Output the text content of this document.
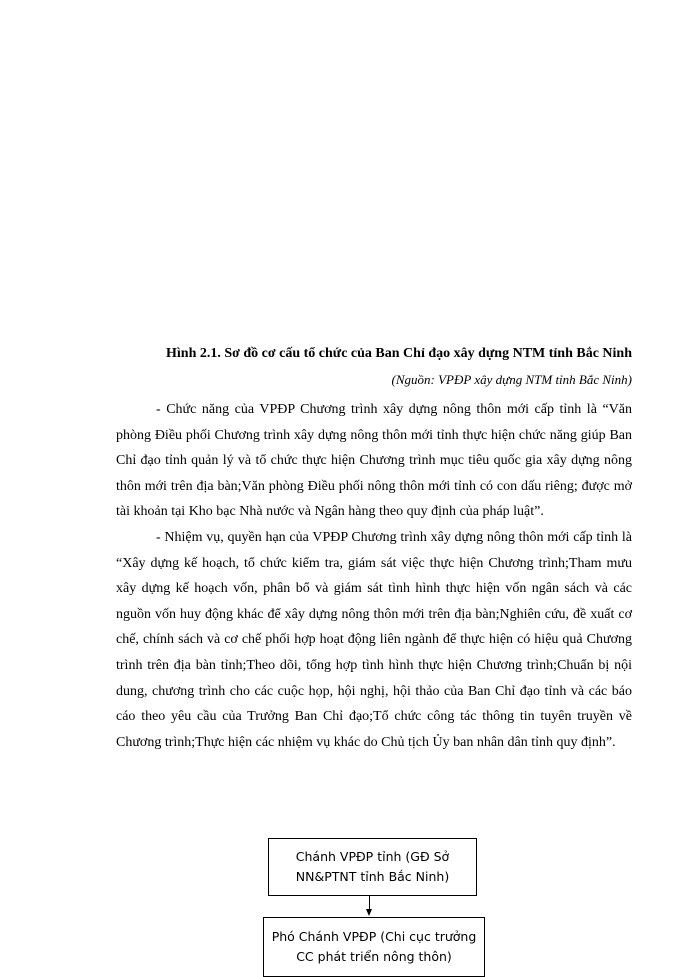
Hình 2.1. Sơ đồ cơ cấu tổ chức của Ban Chỉ đạo xây dựng NTM tỉnh Bắc Ninh
(Nguồn: VPĐP xây dựng NTM tỉnh Bắc Ninh)

- Chức năng của VPĐP Chương trình xây dựng nông thôn mới cấp tỉnh là “Văn phòng Điều phối Chương trình xây dựng nông thôn mới tỉnh thực hiện chức năng giúp Ban Chỉ đạo tỉnh quản lý và tổ chức thực hiện Chương trình mục tiêu quốc gia xây dựng nông thôn mới trên địa bàn;Văn phòng Điều phối nông thôn mới tỉnh có con dấu riêng; được mở tài khoản tại Kho bạc Nhà nước và Ngân hàng theo quy định của pháp luật”.

- Nhiệm vụ, quyền hạn của VPĐP Chương trình xây dựng nông thôn mới cấp tỉnh là “Xây dựng kế hoạch, tổ chức kiểm tra, giám sát việc thực hiện Chương trình;Tham mưu xây dựng kế hoạch vốn, phân bổ và giám sát tình hình thực hiện vốn ngân sách và các nguồn vốn huy động khác để xây dựng nông thôn mới trên địa bàn;Nghiên cứu, đề xuất cơ chế, chính sách và cơ chế phối hợp hoạt động liên ngành để thực hiện có hiệu quả Chương trình trên địa bàn tỉnh;Theo dõi, tổng hợp tình hình thực hiện Chương trình;Chuẩn bị nội dung, chương trình cho các cuộc họp, hội nghị, hội thảo của Ban Chỉ đạo tỉnh và các báo cáo theo yêu cầu của Trưởng Ban Chỉ đạo;Tổ chức công tác thông tin tuyên truyền về Chương trình;Thực hiện các nhiệm vụ khác do Chủ tịch Ủy ban nhân dân tỉnh quy định”.

Chánh VPĐP tỉnh (GĐ Sở NN&PTNT tỉnh Bắc Ninh)
Phó Chánh VPĐP (Chi cục trưởng CC phát triển nông thôn)
